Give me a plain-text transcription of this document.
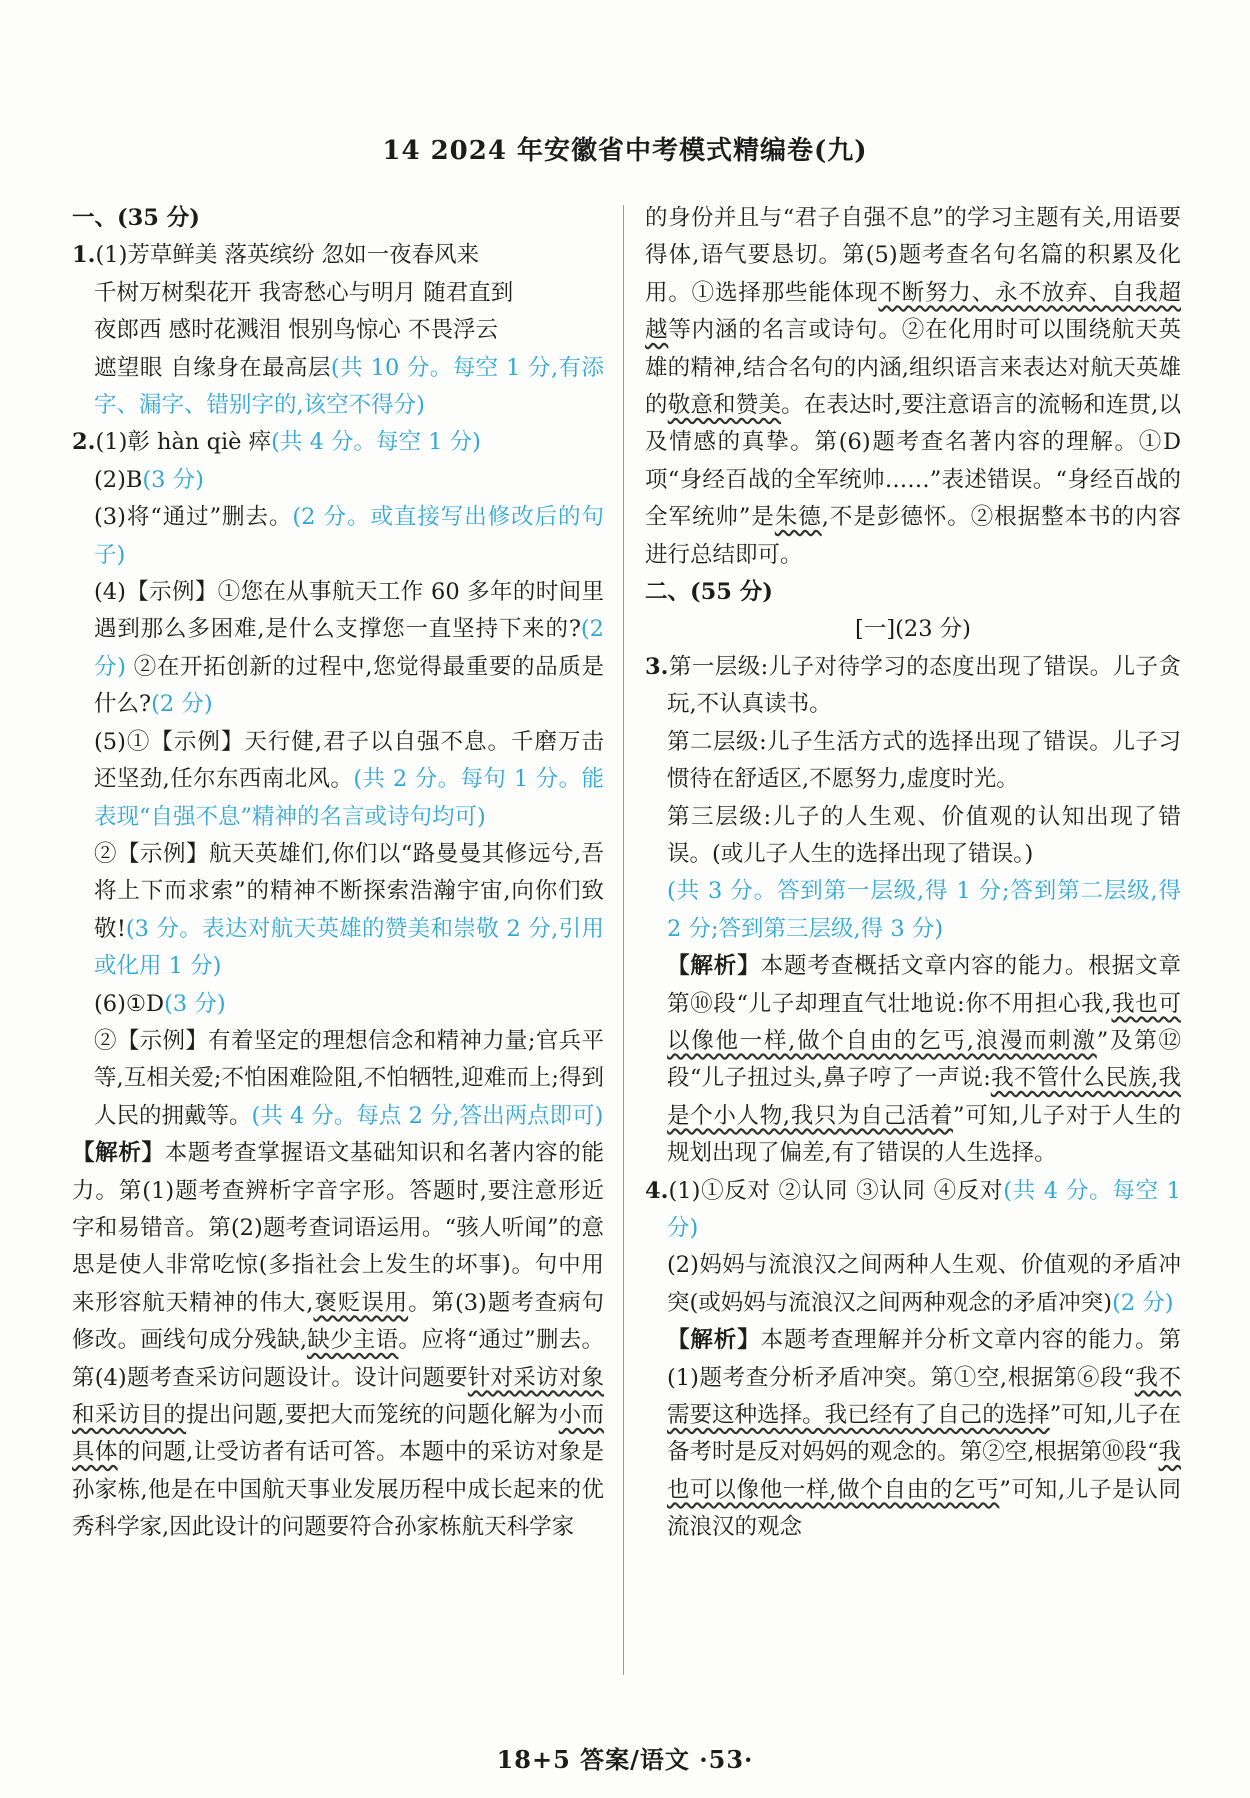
14 2024 年安徽省中考模式精编卷(九)

一、(35 分)

1.(1)芳草鲜美 落英缤纷 忽如一夜春风来

千树万树梨花开 我寄愁心与明月 随君直到

夜郎西 感时花溅泪 恨别鸟惊心 不畏浮云

遮望眼 自缘身在最高层(共 10 分。每空 1 分,有添字、漏字、错别字的,该空不得分)

2.(1)彰 hàn qiè 瘁(共 4 分。每空 1 分)

(2)B(3 分)

(3)将“通过”删去。(2 分。或直接写出修改后的句子)

(4)【示例】①您在从事航天工作 60 多年的时间里遇到那么多困难,是什么支撑您一直坚持下来的?(2 分) ②在开拓创新的过程中,您觉得最重要的品质是什么?(2 分)

(5)①【示例】天行健,君子以自强不息。千磨万击还坚劲,任尔东西南北风。(共 2 分。每句 1 分。能表现“自强不息”精神的名言或诗句均可)

②【示例】航天英雄们,你们以“路曼曼其修远兮,吾将上下而求索”的精神不断探索浩瀚宇宙,向你们致敬!(3 分。表达对航天英雄的赞美和崇敬 2 分,引用或化用 1 分)

(6)①D(3 分)

②【示例】有着坚定的理想信念和精神力量;官兵平等,互相关爱;不怕困难险阻,不怕牺牲,迎难而上;得到人民的拥戴等。(共 4 分。每点 2 分,答出两点即可)

【解析】本题考查掌握语文基础知识和名著内容的能力。第(1)题考查辨析字音字形。答题时,要注意形近字和易错音。第(2)题考查词语运用。“骇人听闻”的意思是使人非常吃惊(多指社会上发生的坏事)。句中用来形容航天精神的伟大,褒贬误用。第(3)题考查病句修改。画线句成分残缺,缺少主语。应将“通过”删去。第(4)题考查采访问题设计。设计问题要针对采访对象和采访目的提出问题,要把大而笼统的问题化解为小而具体的问题,让受访者有话可答。本题中的采访对象是孙家栋,他是在中国航天事业发展历程中成长起来的优秀科学家,因此设计的问题要符合孙家栋航天科学家

的身份并且与“君子自强不息”的学习主题有关,用语要得体,语气要恳切。第(5)题考查名句名篇的积累及化用。①选择那些能体现不断努力、永不放弃、自我超越等内涵的名言或诗句。②在化用时可以围绕航天英雄的精神,结合名句的内涵,组织语言来表达对航天英雄的敬意和赞美。在表达时,要注意语言的流畅和连贯,以及情感的真挚。第(6)题考查名著内容的理解。①D 项“身经百战的全军统帅……”表述错误。“身经百战的全军统帅”是朱德,不是彭德怀。②根据整本书的内容进行总结即可。

二、(55 分)

[一](23 分)

3.第一层级:儿子对待学习的态度出现了错误。儿子贪玩,不认真读书。

第二层级:儿子生活方式的选择出现了错误。儿子习惯待在舒适区,不愿努力,虚度时光。

第三层级:儿子的人生观、价值观的认知出现了错误。(或儿子人生的选择出现了错误。)

(共 3 分。答到第一层级,得 1 分;答到第二层级,得 2 分;答到第三层级,得 3 分)

【解析】本题考查概括文章内容的能力。根据文章第⑩段“儿子却理直气壮地说:你不用担心我,我也可以像他一样,做个自由的乞丐,浪漫而刺激”及第⑫段“儿子扭过头,鼻子哼了一声说:我不管什么民族,我是个小人物,我只为自己活着”可知,儿子对于人生的规划出现了偏差,有了错误的人生选择。

4.(1)①反对 ②认同 ③认同 ④反对(共 4 分。每空 1 分)

(2)妈妈与流浪汉之间两种人生观、价值观的矛盾冲突(或妈妈与流浪汉之间两种观念的矛盾冲突)(2 分)

【解析】本题考查理解并分析文章内容的能力。第(1)题考查分析矛盾冲突。第①空,根据第⑥段“我不需要这种选择。我已经有了自己的选择”可知,儿子在备考时是反对妈妈的观念的。第②空,根据第⑩段“我也可以像他一样,做个自由的乞丐”可知,儿子是认同流浪汉的观念

18+5 答案/语文 ·53·
